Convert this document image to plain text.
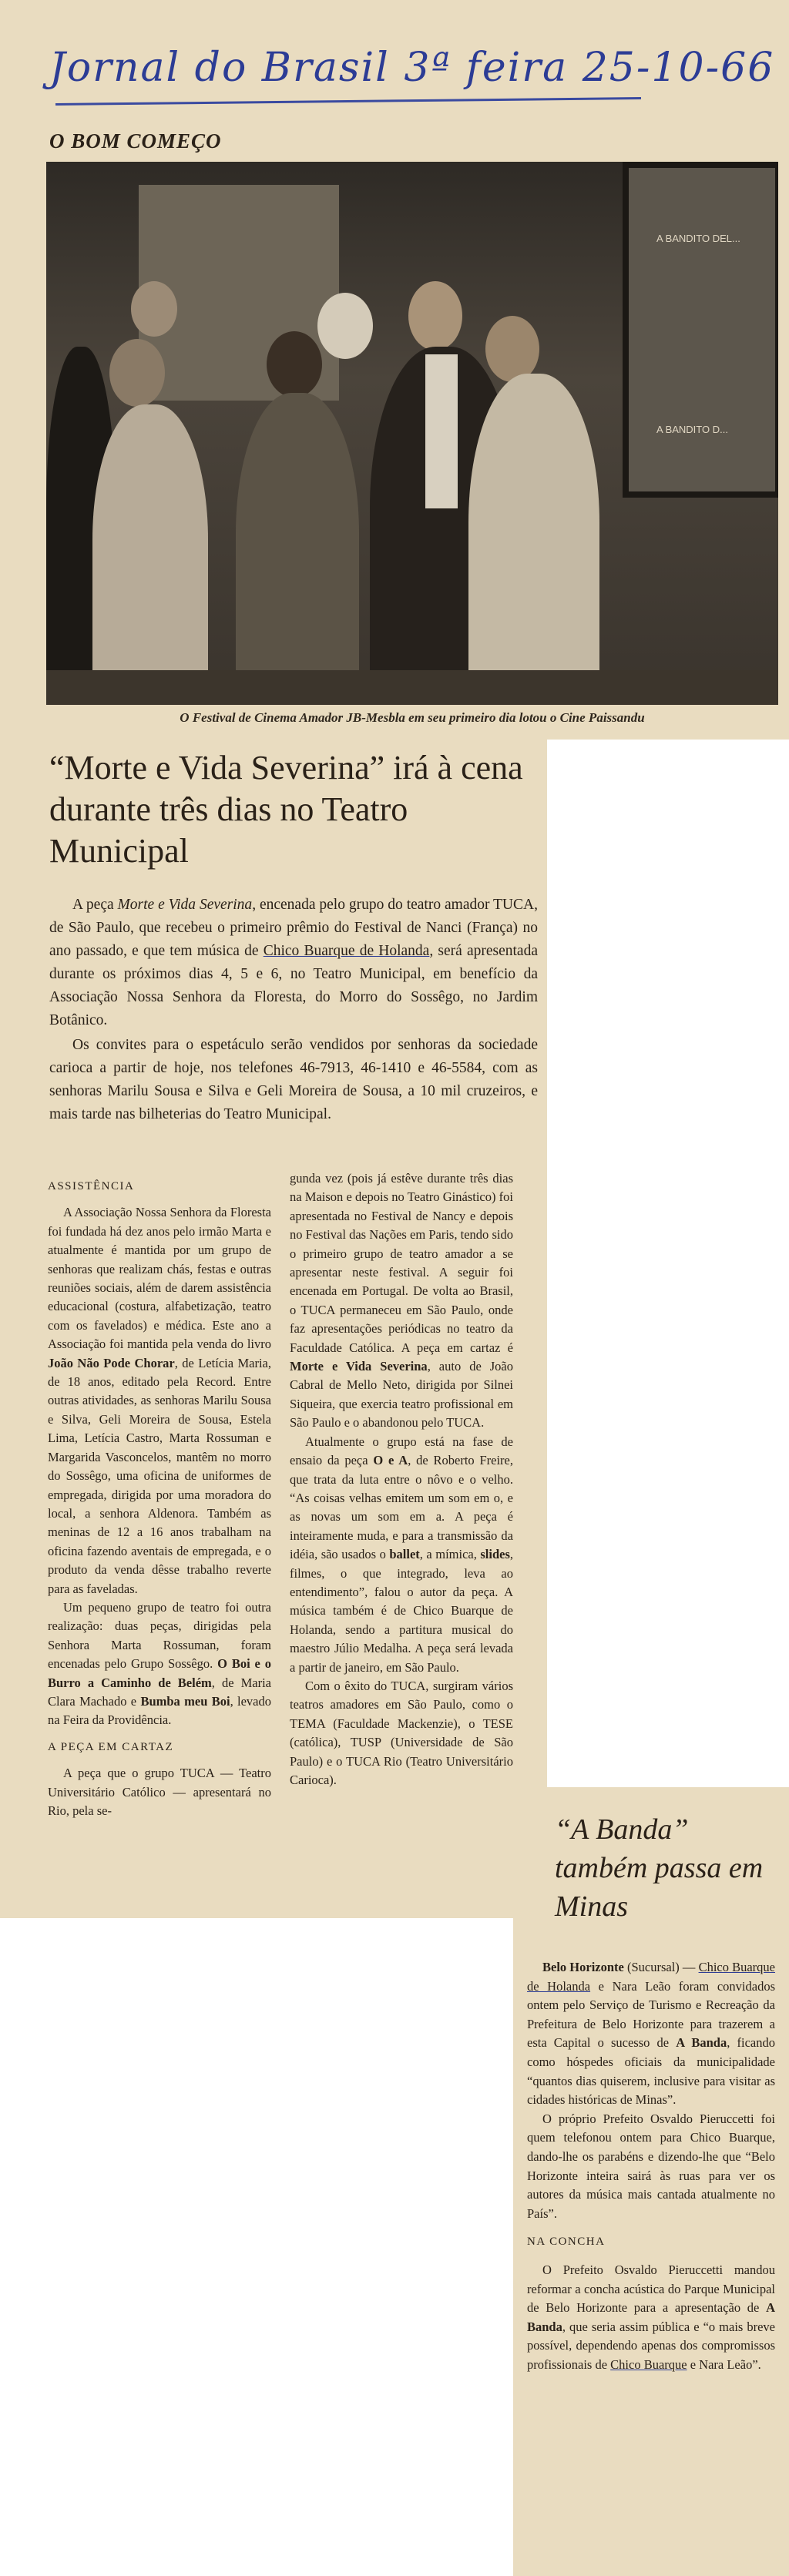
Jornal do Brasil 3ª feira 25-10-66
O BOM COMEÇO
A BANDITO DEL...
A BANDITO D...
O Festival de Cinema Amador JB-Mesbla em seu primeiro dia lotou o Cine Paissandu
“Morte e Vida Severina” irá à cena durante três dias no Teatro Municipal

A peça Morte e Vida Severina, encenada pelo grupo do teatro amador TUCA, de São Paulo, que recebeu o primeiro prêmio do Festival de Nanci (França) no ano passado, e que tem música de Chico Buarque de Holanda, será apresentada durante os próximos dias 4, 5 e 6, no Teatro Municipal, em benefício da Associação Nossa Senhora da Floresta, do Morro do Sossêgo, no Jardim Botânico.

Os convites para o espetáculo serão vendidos por senhoras da sociedade carioca a partir de hoje, nos telefones 46-7913, 46-1410 e 46-5584, com as senhoras Marilu Sousa e Silva e Geli Moreira de Sousa, a 10 mil cruzeiros, e mais tarde nas bilheterias do Teatro Municipal.

ASSISTÊNCIA

A Associação Nossa Senhora da Floresta foi fundada há dez anos pelo irmão Marta e atualmente é mantida por um grupo de senhoras que realizam chás, festas e outras reuniões sociais, além de darem assistência educacional (costura, alfabetização, teatro com os favelados) e médica. Este ano a Associação foi mantida pela venda do livro João Não Pode Chorar, de Letícia Maria, de 18 anos, editado pela Record. Entre outras atividades, as senhoras Marilu Sousa e Silva, Geli Moreira de Sousa, Estela Lima, Letícia Castro, Marta Rossuman e Margarida Vasconcelos, mantêm no morro do Sossêgo, uma oficina de uniformes de empregada, dirigida por uma moradora do local, a senhora Aldenora. Também as meninas de 12 a 16 anos trabalham na oficina fazendo aventais de empregada, e o produto da venda dêsse trabalho reverte para as faveladas.

Um pequeno grupo de teatro foi outra realização: duas peças, dirigidas pela Senhora Marta Rossuman, foram encenadas pelo Grupo Sossêgo. O Boi e o Burro a Caminho de Belém, de Maria Clara Machado e Bumba meu Boi, levado na Feira da Providência.

A PEÇA EM CARTAZ

A peça que o grupo TUCA — Teatro Universitário Católico — apresentará no Rio, pela se-

gunda vez (pois já estêve durante três dias na Maison e depois no Teatro Ginástico) foi apresentada no Festival de Nancy e depois no Festival das Nações em Paris, tendo sido o primeiro grupo de teatro amador a se apresentar neste festival. A seguir foi encenada em Portugal. De volta ao Brasil, o TUCA permaneceu em São Paulo, onde faz apresentações periódicas no teatro da Faculdade Católica. A peça em cartaz é Morte e Vida Severina, auto de João Cabral de Mello Neto, dirigida por Silnei Siqueira, que exercia teatro profissional em São Paulo e o abandonou pelo TUCA.

Atualmente o grupo está na fase de ensaio da peça O e A, de Roberto Freire, que trata da luta entre o nôvo e o velho. “As coisas velhas emitem um som em o, e as novas um som em a. A peça é inteiramente muda, e para a transmissão da idéia, são usados o ballet, a mímica, slides, filmes, o que integrado, leva ao entendimento”, falou o autor da peça. A música também é de Chico Buarque de Holanda, sendo a partitura musical do maestro Júlio Medalha. A peça será levada a partir de janeiro, em São Paulo.

Com o êxito do TUCA, surgiram vários teatros amadores em São Paulo, como o TEMA (Faculdade Mackenzie), o TESE (católica), TUSP (Universidade de São Paulo) e o TUCA Rio (Teatro Universitário Carioca).

“A Banda” também passa em Minas

Belo Horizonte (Sucursal) — Chico Buarque de Holanda e Nara Leão foram convidados ontem pelo Serviço de Turismo e Recreação da Prefeitura de Belo Horizonte para trazerem a esta Capital o sucesso de A Banda, ficando como hóspedes oficiais da municipalidade “quantos dias quiserem, inclusive para visitar as cidades históricas de Minas”.

O próprio Prefeito Osvaldo Pieruccetti foi quem telefonou ontem para Chico Buarque, dando-lhe os parabéns e dizendo-lhe que “Belo Horizonte inteira sairá às ruas para ver os autores da música mais cantada atualmente no País”.

NA CONCHA

O Prefeito Osvaldo Pieruccetti mandou reformar a concha acústica do Parque Municipal de Belo Horizonte para a apresentação de A Banda, que seria assim pública e “o mais breve possível, dependendo apenas dos compromissos profissionais de Chico Buarque e Nara Leão”.
